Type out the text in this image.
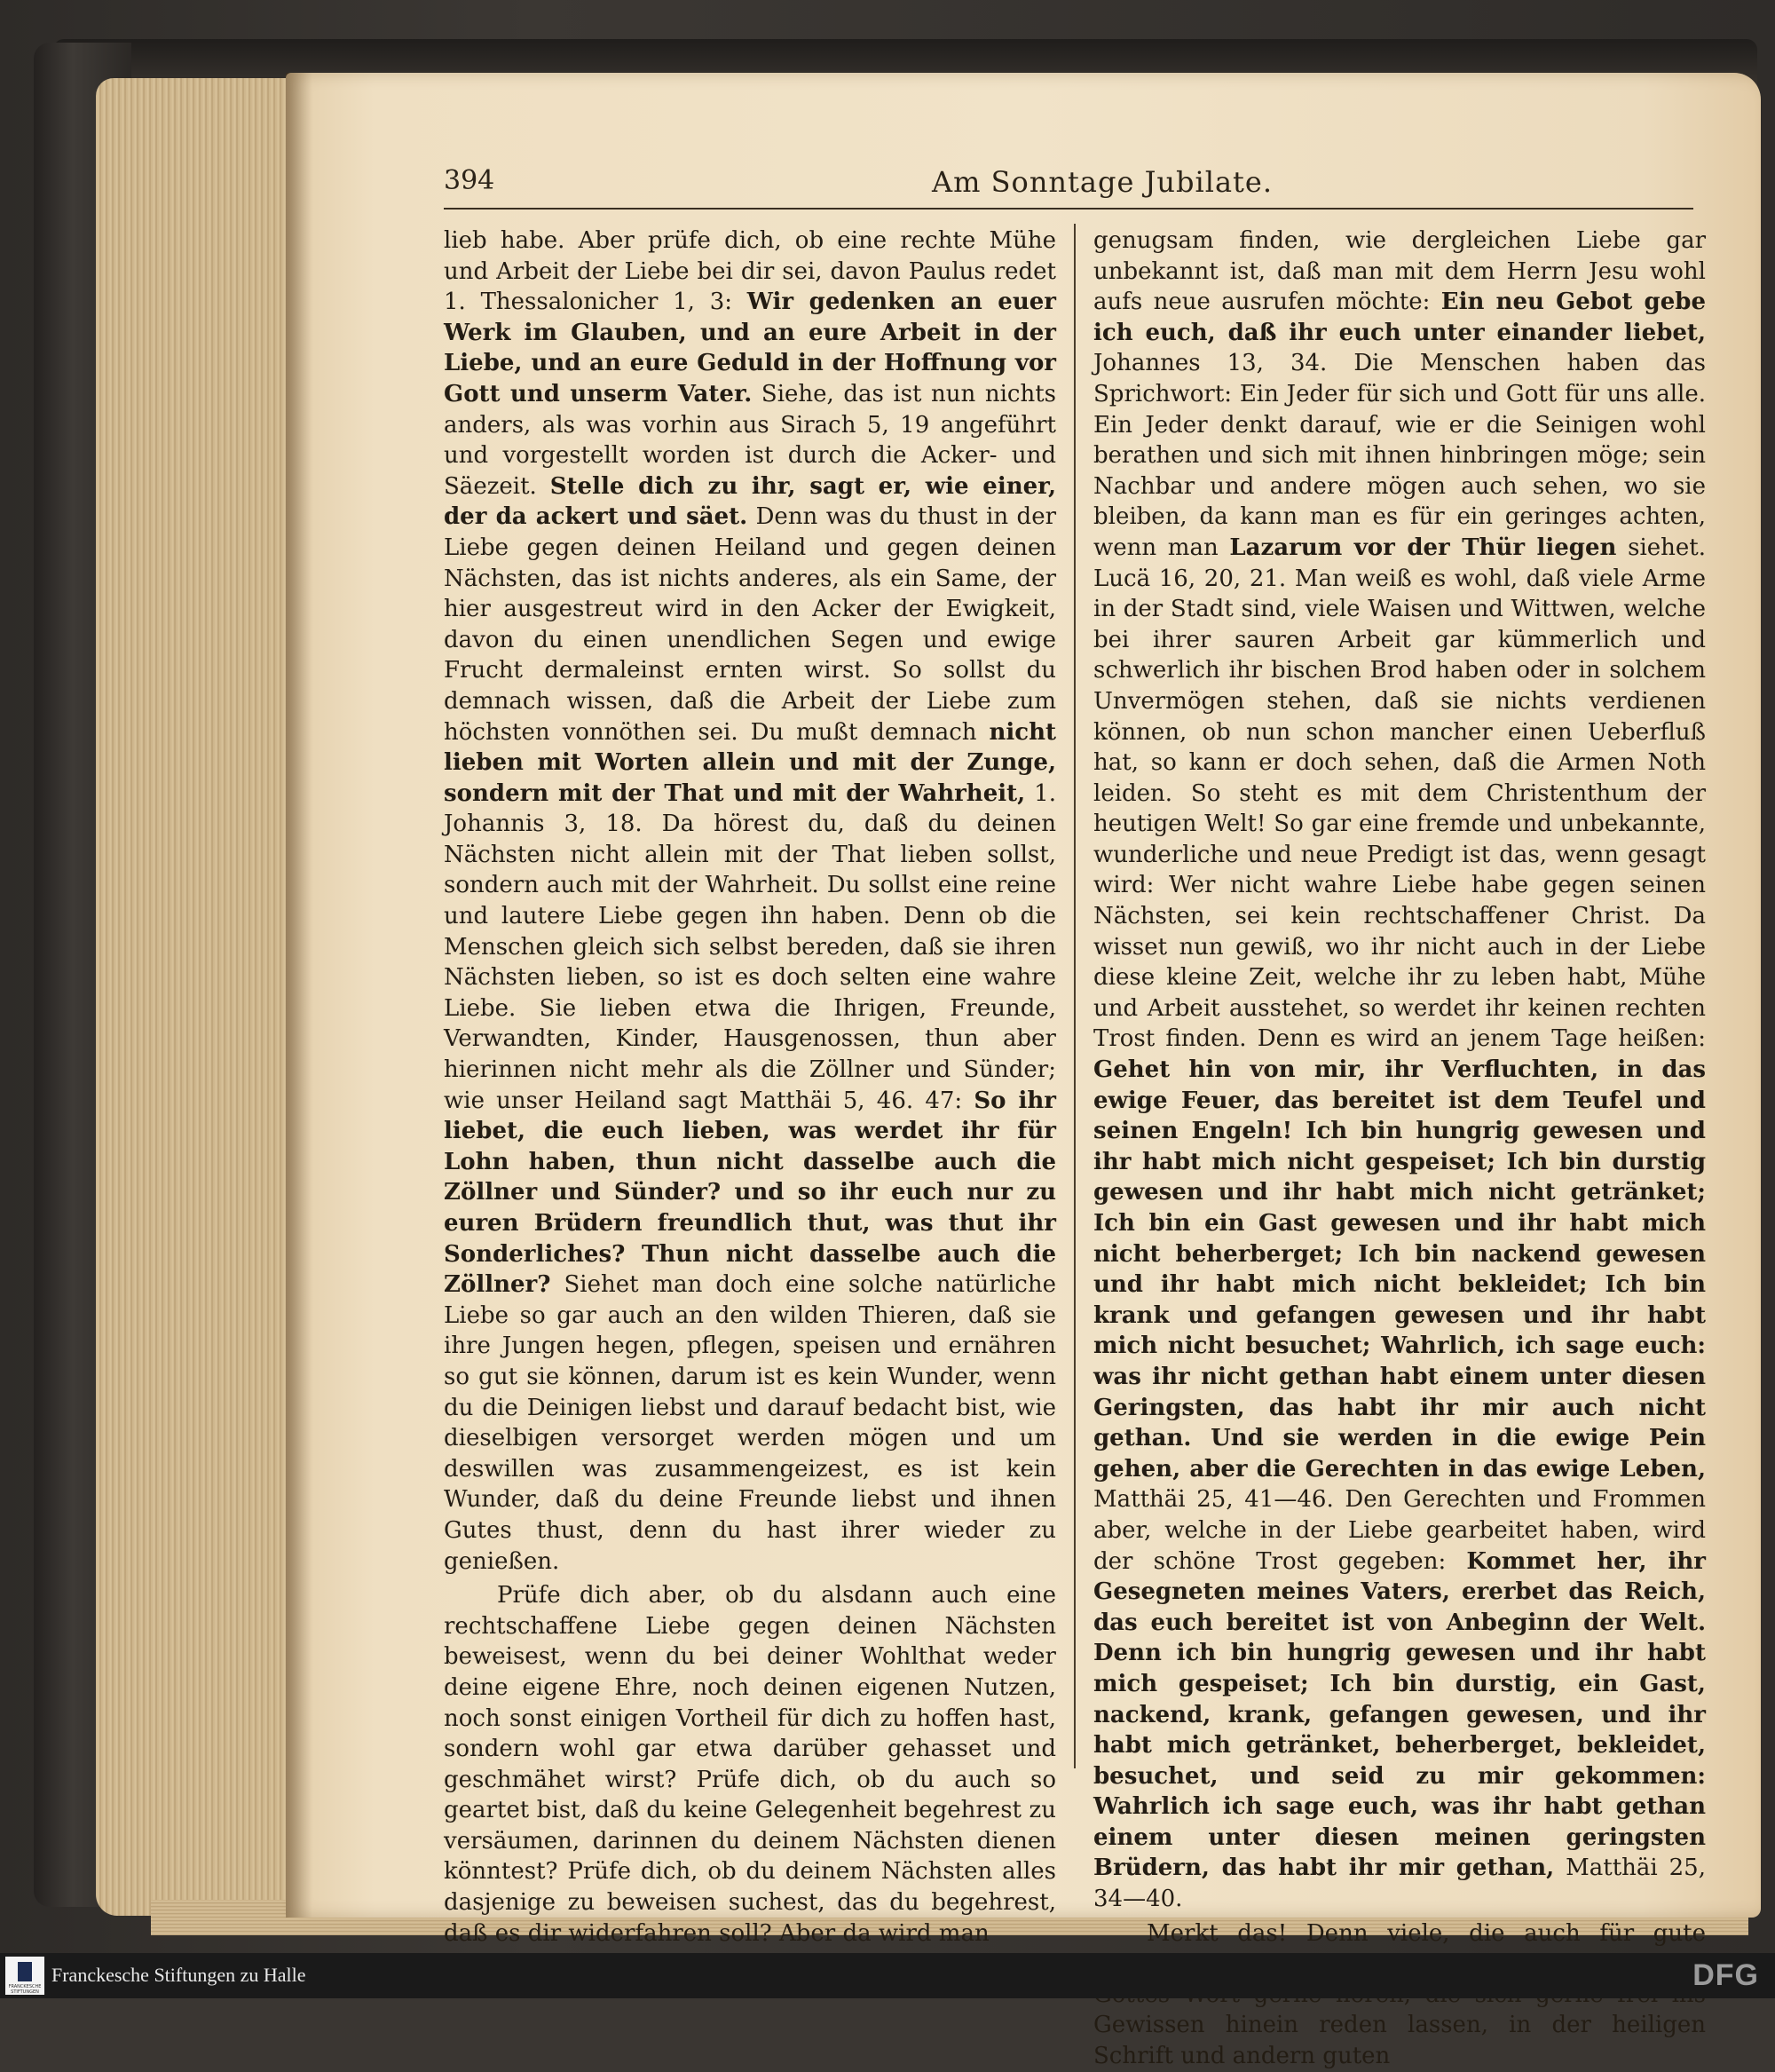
394	Am Sonntage Jubilate.

lieb habe. Aber prüfe dich, ob eine rechte Mühe und Arbeit der Liebe bei dir sei, davon Paulus redet 1. Thessalonicher 1, 3: Wir gedenken an euer Werk im Glauben, und an eure Arbeit in der Liebe, und an eure Geduld in der Hoffnung vor Gott und unserm Vater. Siehe, das ist nun nichts anders, als was vorhin aus Sirach 5, 19 angeführt und vorgestellt worden ist durch die Acker- und Säezeit. Stelle dich zu ihr, sagt er, wie einer, der da ackert und säet. Denn was du thust in der Liebe gegen deinen Heiland und gegen deinen Nächsten, das ist nichts anderes, als ein Same, der hier ausgestreut wird in den Acker der Ewigkeit, davon du einen unendlichen Segen und ewige Frucht dermaleinst ernten wirst. So sollst du demnach wissen, daß die Arbeit der Liebe zum höchsten vonnöthen sei. Du mußt demnach nicht lieben mit Worten allein und mit der Zunge, sondern mit der That und mit der Wahrheit, 1. Johannis 3, 18. Da hörest du, daß du deinen Nächsten nicht allein mit der That lieben sollst, sondern auch mit der Wahrheit. Du sollst eine reine und lautere Liebe gegen ihn haben. Denn ob die Menschen gleich sich selbst bereden, daß sie ihren Nächsten lieben, so ist es doch selten eine wahre Liebe. Sie lieben etwa die Ihrigen, Freunde, Verwandten, Kinder, Hausgenossen, thun aber hierinnen nicht mehr als die Zöllner und Sünder; wie unser Heiland sagt Matthäi 5, 46. 47: So ihr liebet, die euch lieben, was werdet ihr für Lohn haben, thun nicht dasselbe auch die Zöllner und Sünder? und so ihr euch nur zu euren Brüdern freundlich thut, was thut ihr Sonderliches? Thun nicht dasselbe auch die Zöllner? Siehet man doch eine solche natürliche Liebe so gar auch an den wilden Thieren, daß sie ihre Jungen hegen, pflegen, speisen und ernähren so gut sie können, darum ist es kein Wunder, wenn du die Deinigen liebst und darauf bedacht bist, wie dieselbigen versorget werden mögen und um deswillen was zusammengeizest, es ist kein Wunder, daß du deine Freunde liebst und ihnen Gutes thust, denn du hast ihrer wieder zu genießen.

Prüfe dich aber, ob du alsdann auch eine rechtschaffene Liebe gegen deinen Nächsten beweisest, wenn du bei deiner Wohlthat weder deine eigene Ehre, noch deinen eigenen Nutzen, noch sonst einigen Vortheil für dich zu hoffen hast, sondern wohl gar etwa darüber gehasset und geschmähet wirst? Prüfe dich, ob du auch so geartet bist, daß du keine Gelegenheit begehrest zu versäumen, darinnen du deinem Nächsten dienen könntest? Prüfe dich, ob du deinem Nächsten alles dasjenige zu beweisen suchest, das du begehrest, daß es dir widerfahren soll? Aber da wird man

genugsam finden, wie dergleichen Liebe gar unbekannt ist, daß man mit dem Herrn Jesu wohl aufs neue ausrufen möchte: Ein neu Gebot gebe ich euch, daß ihr euch unter einander liebet, Johannes 13, 34. Die Menschen haben das Sprichwort: Ein Jeder für sich und Gott für uns alle. Ein Jeder denkt darauf, wie er die Seinigen wohl berathen und sich mit ihnen hinbringen möge; sein Nachbar und andere mögen auch sehen, wo sie bleiben, da kann man es für ein geringes achten, wenn man Lazarum vor der Thür liegen siehet. Lucä 16, 20, 21. Man weiß es wohl, daß viele Arme in der Stadt sind, viele Waisen und Wittwen, welche bei ihrer sauren Arbeit gar kümmerlich und schwerlich ihr bischen Brod haben oder in solchem Unvermögen stehen, daß sie nichts verdienen können, ob nun schon mancher einen Ueberfluß hat, so kann er doch sehen, daß die Armen Noth leiden. So steht es mit dem Christenthum der heutigen Welt! So gar eine fremde und unbekannte, wunderliche und neue Predigt ist das, wenn gesagt wird: Wer nicht wahre Liebe habe gegen seinen Nächsten, sei kein rechtschaffener Christ. Da wisset nun gewiß, wo ihr nicht auch in der Liebe diese kleine Zeit, welche ihr zu leben habt, Mühe und Arbeit ausstehet, so werdet ihr keinen rechten Trost finden. Denn es wird an jenem Tage heißen: Gehet hin von mir, ihr Verfluchten, in das ewige Feuer, das bereitet ist dem Teufel und seinen Engeln! Ich bin hungrig gewesen und ihr habt mich nicht gespeiset; Ich bin durstig gewesen und ihr habt mich nicht getränket; Ich bin ein Gast gewesen und ihr habt mich nicht beherberget; Ich bin nackend gewesen und ihr habt mich nicht bekleidet; Ich bin krank und gefangen gewesen und ihr habt mich nicht besuchet; Wahrlich, ich sage euch: was ihr nicht gethan habt einem unter diesen Geringsten, das habt ihr mir auch nicht gethan. Und sie werden in die ewige Pein gehen, aber die Gerechten in das ewige Leben, Matthäi 25, 41—46. Den Gerechten und Frommen aber, welche in der Liebe gearbeitet haben, wird der schöne Trost gegeben: Kommet her, ihr Gesegneten meines Vaters, ererbet das Reich, das euch bereitet ist von Anbeginn der Welt. Denn ich bin hungrig gewesen und ihr habt mich gespeiset; Ich bin durstig, ein Gast, nackend, krank, gefangen gewesen, und ihr habt mich getränket, beherberget, bekleidet, besuchet, und seid zu mir gekommen: Wahrlich ich sage euch, was ihr habt gethan einem unter diesen meinen geringsten Brüdern, das habt ihr mir gethan, Matthäi 25, 34—40.

Merkt das! Denn viele, die auch für gute Gewissen hinein reden lassen, in der heiligen Schrift und andern guten

FRANCKESCHE STIFTUNGEN
Franckesche Stiftungen zu Halle	DFG
